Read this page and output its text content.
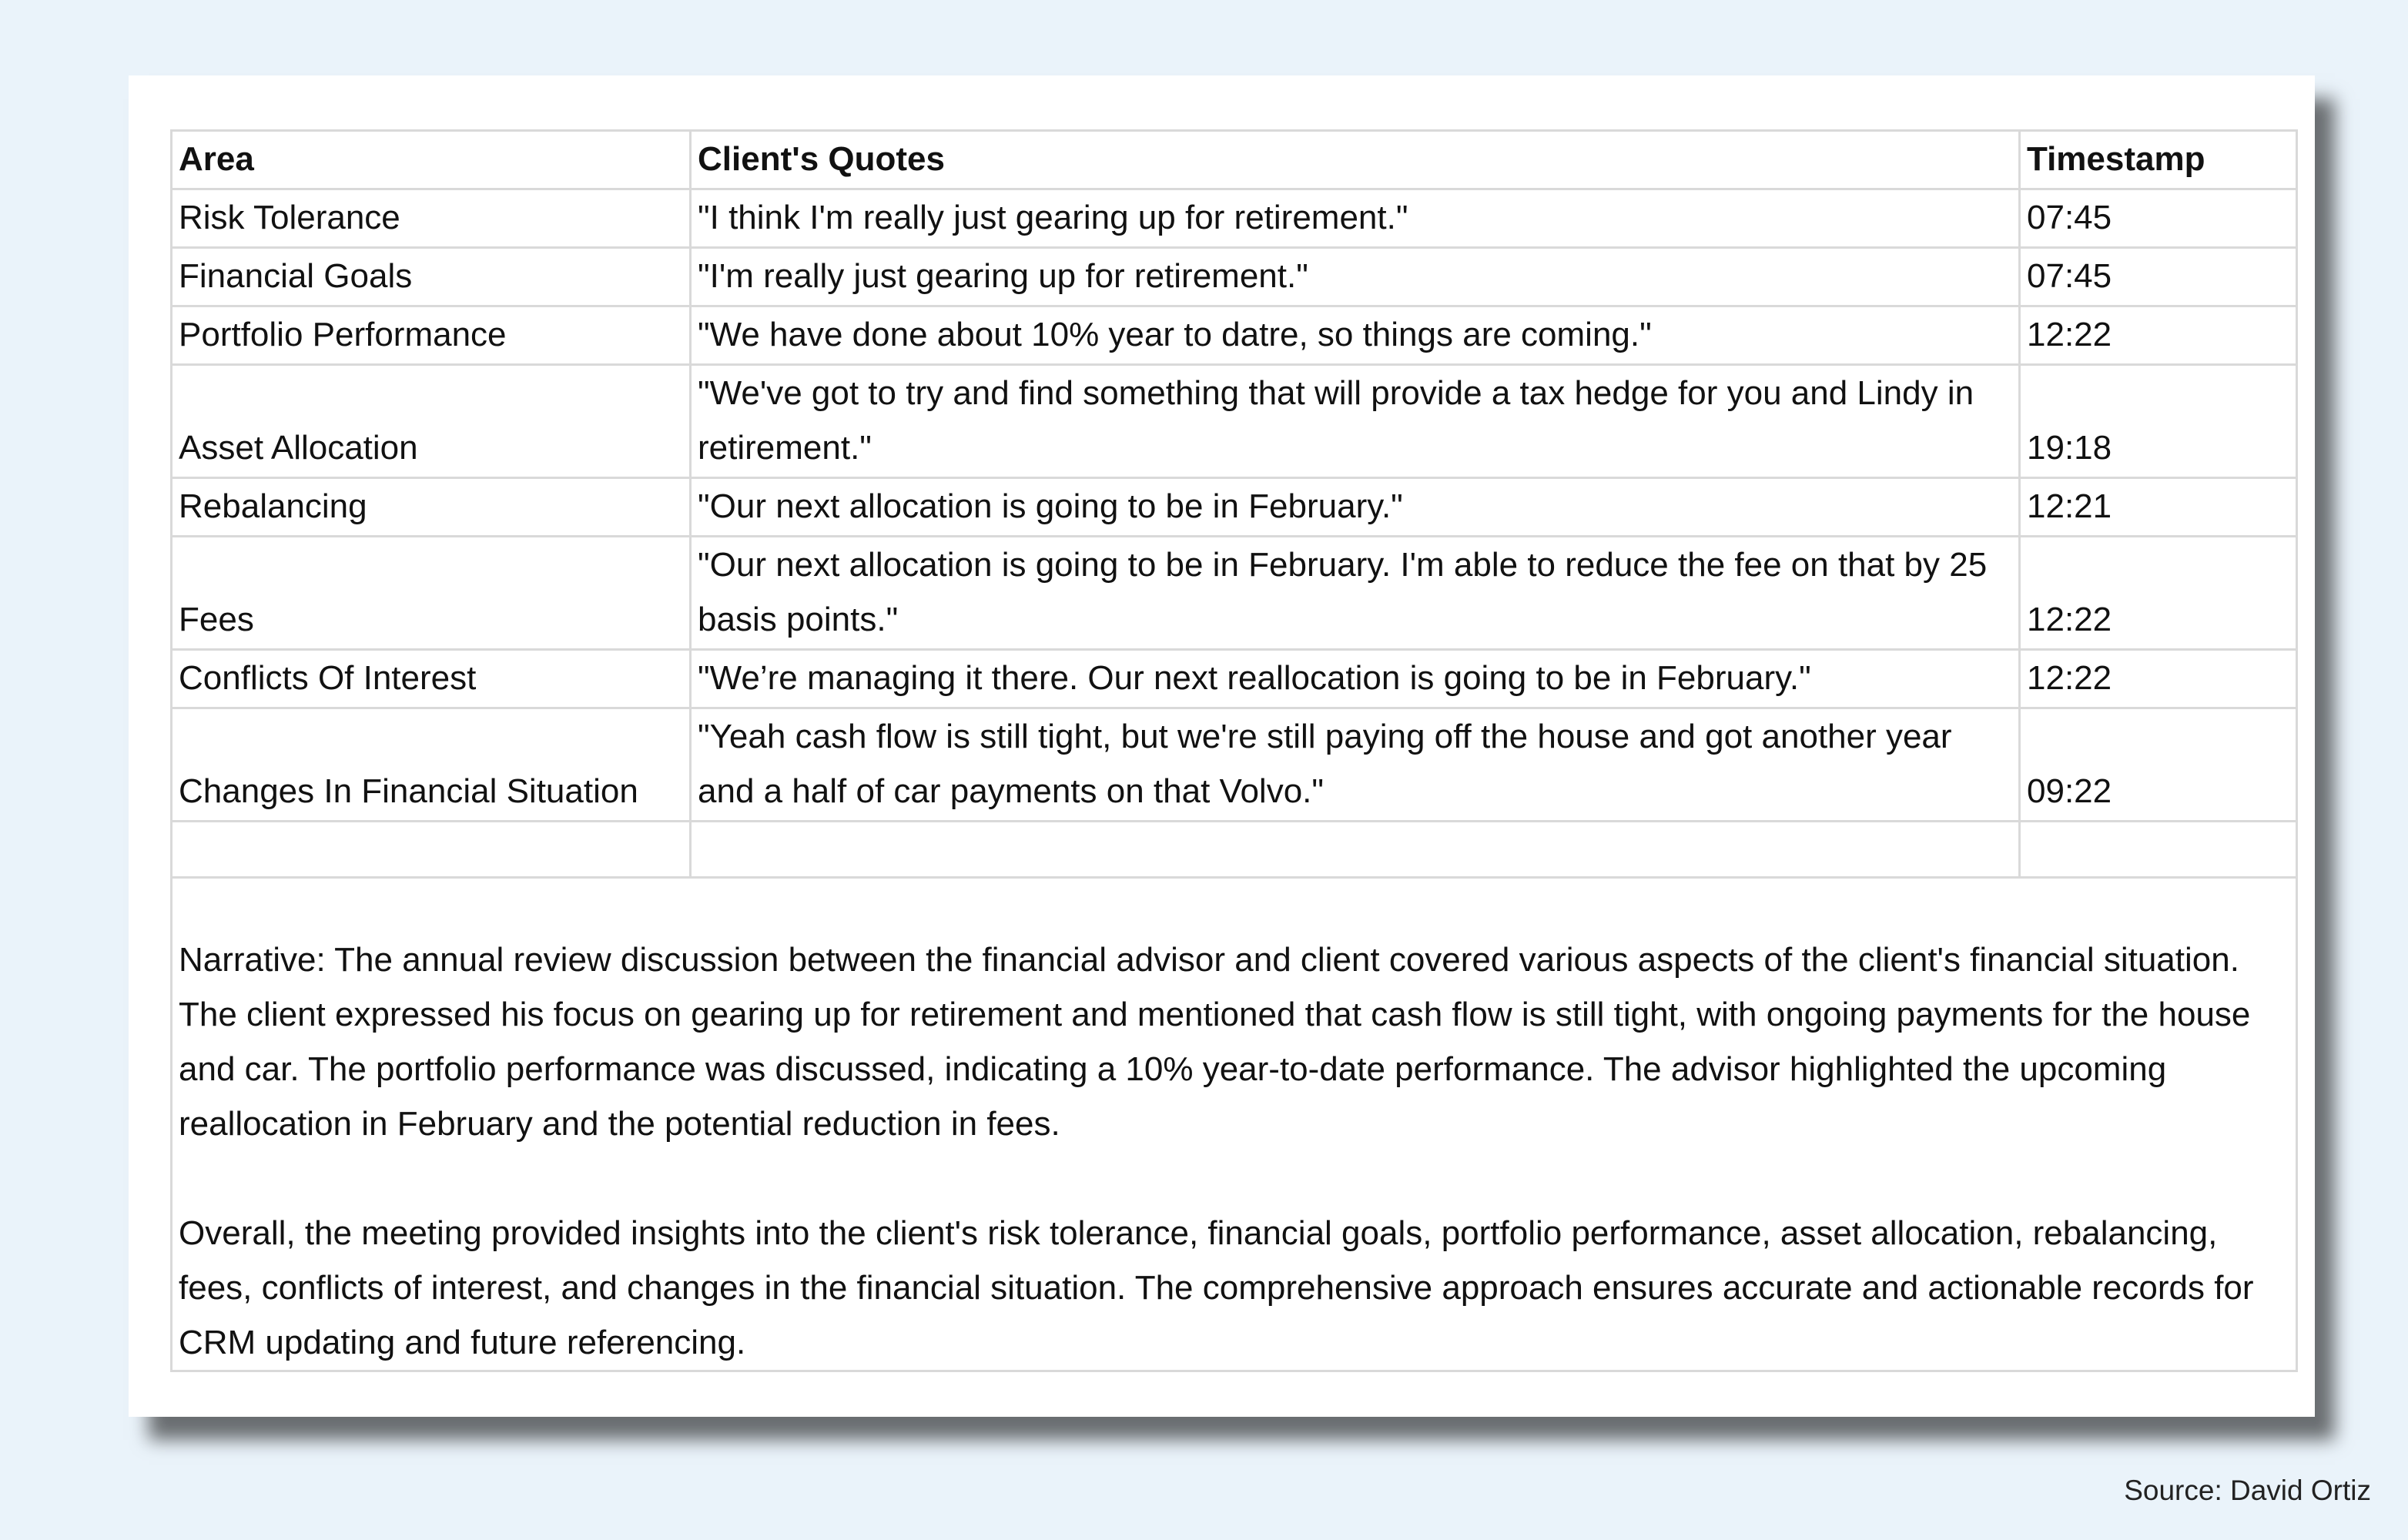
Area	Client's Quotes	Timestamp
Risk Tolerance	"I think I'm really just gearing up for retirement."	07:45
Financial Goals	"I'm really just gearing up for retirement."	07:45
Portfolio Performance	"We have done about 10% year to datre, so things are coming."	12:22
Asset Allocation	"We've got to try and find something that will provide a tax hedge for you and Lindy in retirement."	19:18
Rebalancing	"Our next allocation is going to be in February."	12:21
Fees	"Our next allocation is going to be in February. I'm able to reduce the fee on that by 25 basis points."	12:22
Conflicts Of Interest	"We’re managing it there. Our next reallocation is going to be in February."	12:22
Changes In Financial Situation	"Yeah cash flow is still tight, but we're still paying off the house and got another year and a half of car payments on that Volvo."	09:22

Narrative: The annual review discussion between the financial advisor and client covered various aspects of the client's financial situation. The client expressed his focus on gearing up for retirement and mentioned that cash flow is still tight, with ongoing payments for the house and car. The portfolio performance was discussed, indicating a 10% year-to-date performance. The advisor highlighted the upcoming reallocation in February and the potential reduction in fees.

Overall, the meeting provided insights into the client's risk tolerance, financial goals, portfolio performance, asset allocation, rebalancing, fees, conflicts of interest, and changes in the financial situation. The comprehensive approach ensures accurate and actionable records for CRM updating and future referencing.		

Source: David Ortiz
